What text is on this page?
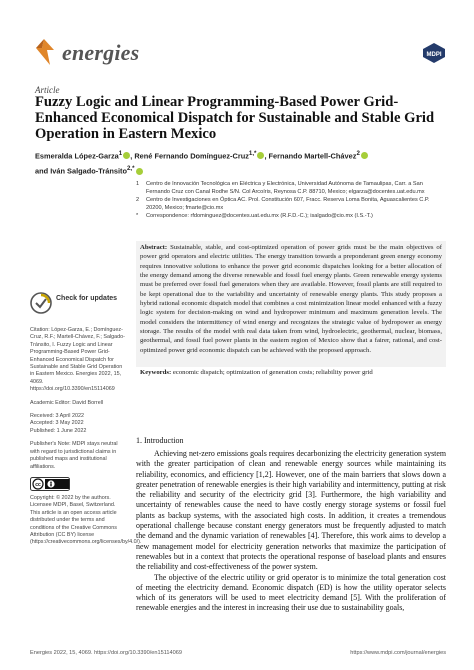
energies	MDPI
Article
Fuzzy Logic and Linear Programming-Based Power Grid-Enhanced Economical Dispatch for Sustainable and Stable Grid Operation in Eastern Mexico
Esmeralda López-Garza$^1$ , René Fernando Domínguez-Cruz$^{1,*}$ , Fernando Martell-Chávez$^2$
and Iván Salgado-Tránsito$^{2,*}$
1 Centro de Innovación Tecnológica en Eléctrica y Electrónica, Universidad Autónoma de Tamaulipas, Carr. a San Fernando Cruz con Canal Rodhe S/N. Col Arcoíris, Reynosa C.P. 88710, Mexico; elgarza@docentes.uat.edu.mx
2 Centro de Investigaciones en Óptica AC. Prol. Constitución 607, Fracc. Reserva Loma Bonita, Aguascalientes C.P. 20200, Mexico; fmarte@cio.mx
* Correspondence: rfdominguez@docentes.uat.edu.mx (R.F.D.-C.); isalgado@cio.mx (I.S.-T.)
Abstract: Sustainable, stable, and cost-optimized operation of power grids must be the main objectives of power grid operators and electric utilities. The energy transition towards a preponderant green energy economy requires innovative solutions to enhance the power grid economic dispatches looking for a better allocation of the energy demand among the diverse renewable and fossil fuel energy plants. Green renewable energy systems must be preferred over fossil fuel generators when they are available. However, fossil plants are still required to be kept operational due to the variability and uncertainty of renewable energy plants. This study proposes a hybrid rational economic dispatch model that combines a cost minimization linear model enhanced with a fuzzy logic system for decision-making on wind and hydropower minimum and maximum generation levels. The model considers the intermittency of wind energy and recognizes the strategic value of hydropower as energy storage. The results of the model with real data taken from wind, hydroelectric, geothermal, nuclear, biomass, geothermal, and fossil fuel power plants in the eastern region of Mexico show that a fairer, rational, and cost-optimized power grid economic dispatch can be achieved with the proposed approach.
Keywords: economic dispatch; optimization of generation costs; reliability power grid
Check for updates

Citation: López-Garza, E.; Domínguez-Cruz, R.F.; Martell-Chávez, F.; Salgado-Tránsito, I. Fuzzy Logic and Linear Programming-Based Power Grid-Enhanced Economical Dispatch for Sustainable and Stable Grid Operation in Eastern Mexico. Energies 2022, 15, 4069. https://doi.org/10.3390/en15114069

Academic Editor: David Borrell

Received: 3 April 2022

Accepted: 3 May 2022

Published: 1 June 2022

Publisher's Note: MDPI stays neutral with regard to jurisdictional claims in published maps and institutional affiliations.

cc

Copyright: © 2022 by the authors. Licensee MDPI, Basel, Switzerland. This article is an open access article distributed under the terms and conditions of the Creative Commons Attribution (CC BY) license (https://creativecommons.org/licenses/by/4.0/).

1. Introduction

Achieving net-zero emissions goals requires decarbonizing the electricity generation system with the greater participation of clean and renewable energy sources while maintaining its reliability, economics, and efficiency [1,2]. However, one of the main barriers that slows down a greater penetration of renewable energies is their high variability and intermittency, putting at risk the reliability and security of the electricity grid [3]. Furthermore, the high variability and uncertainty of renewables cause the need to have costly energy storage systems or fossil fuel plants as backup systems, with the associated high costs. In addition, it creates a tremendous operational challenge because constant energy generators must be frequently adjusted to match the demand and the dynamic variation of renewables [4]. Therefore, this work aims to develop a new management model for electricity generation networks that maximize the participation of renewables but in a context that protects the operational response of baseload plants and ensures the reliability and cost-effectiveness of the power system.

The objective of the electric utility or grid operator is to minimize the total generation cost of meeting the electricity demand. Economic dispatch (ED) is how the utility operator selects which of its generators will be used to meet electricity demand [5]. With the proliferation of renewable energies and the interest in increasing their use due to sustainability goals,

Energies 2022, 15, 4069. https://doi.org/10.3390/en15114069	https://www.mdpi.com/journal/energies
